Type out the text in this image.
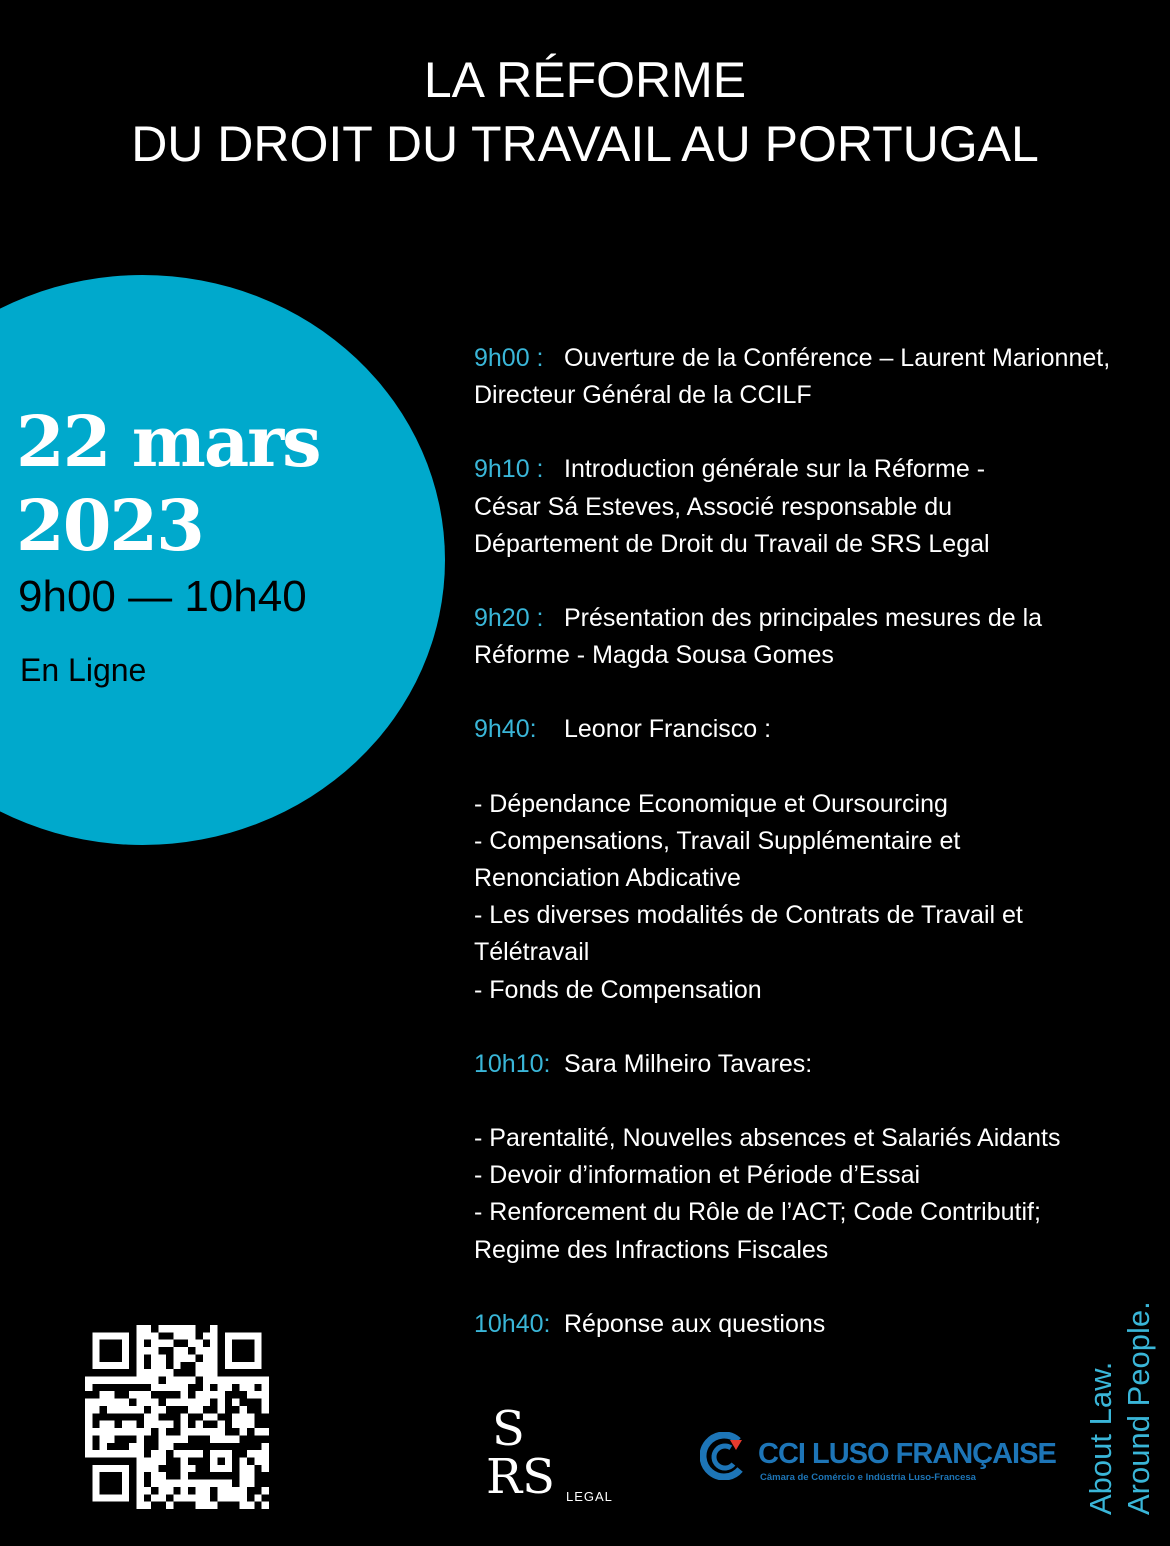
LA RÉFORME
DU DROIT DU TRAVAIL AU PORTUGAL
22 mars
2023
9h00 — 10h40
En Ligne
9h00 : Ouverture de la Conférence – Laurent Marionnet,
Directeur Général de la CCILF
9h10 : Introduction générale sur la Réforme -
César Sá Esteves, Associé responsable du
Département de Droit du Travail de SRS Legal
9h20 : Présentation des principales mesures de la
Réforme - Magda Sousa Gomes
9h40: Leonor Francisco :
- Dépendance Economique et Oursourcing
- Compensations, Travail Supplémentaire et
Renonciation Abdicative
- Les diverses modalités de Contrats de Travail et
Télétravail
- Fonds de Compensation
10h10: Sara Milheiro Tavares:
- Parentalité, Nouvelles absences et Salariés Aidants
- Devoir d’information et Période d’Essai
- Renforcement du Rôle de l’ACT; Code Contributif;
Regime des Infractions Fiscales
10h40: Réponse aux questions
S
RS LEGAL
CCI LUSO FRANÇAISE
Câmara de Comércio e Indústria Luso-Francesa	About Law. Around People.
